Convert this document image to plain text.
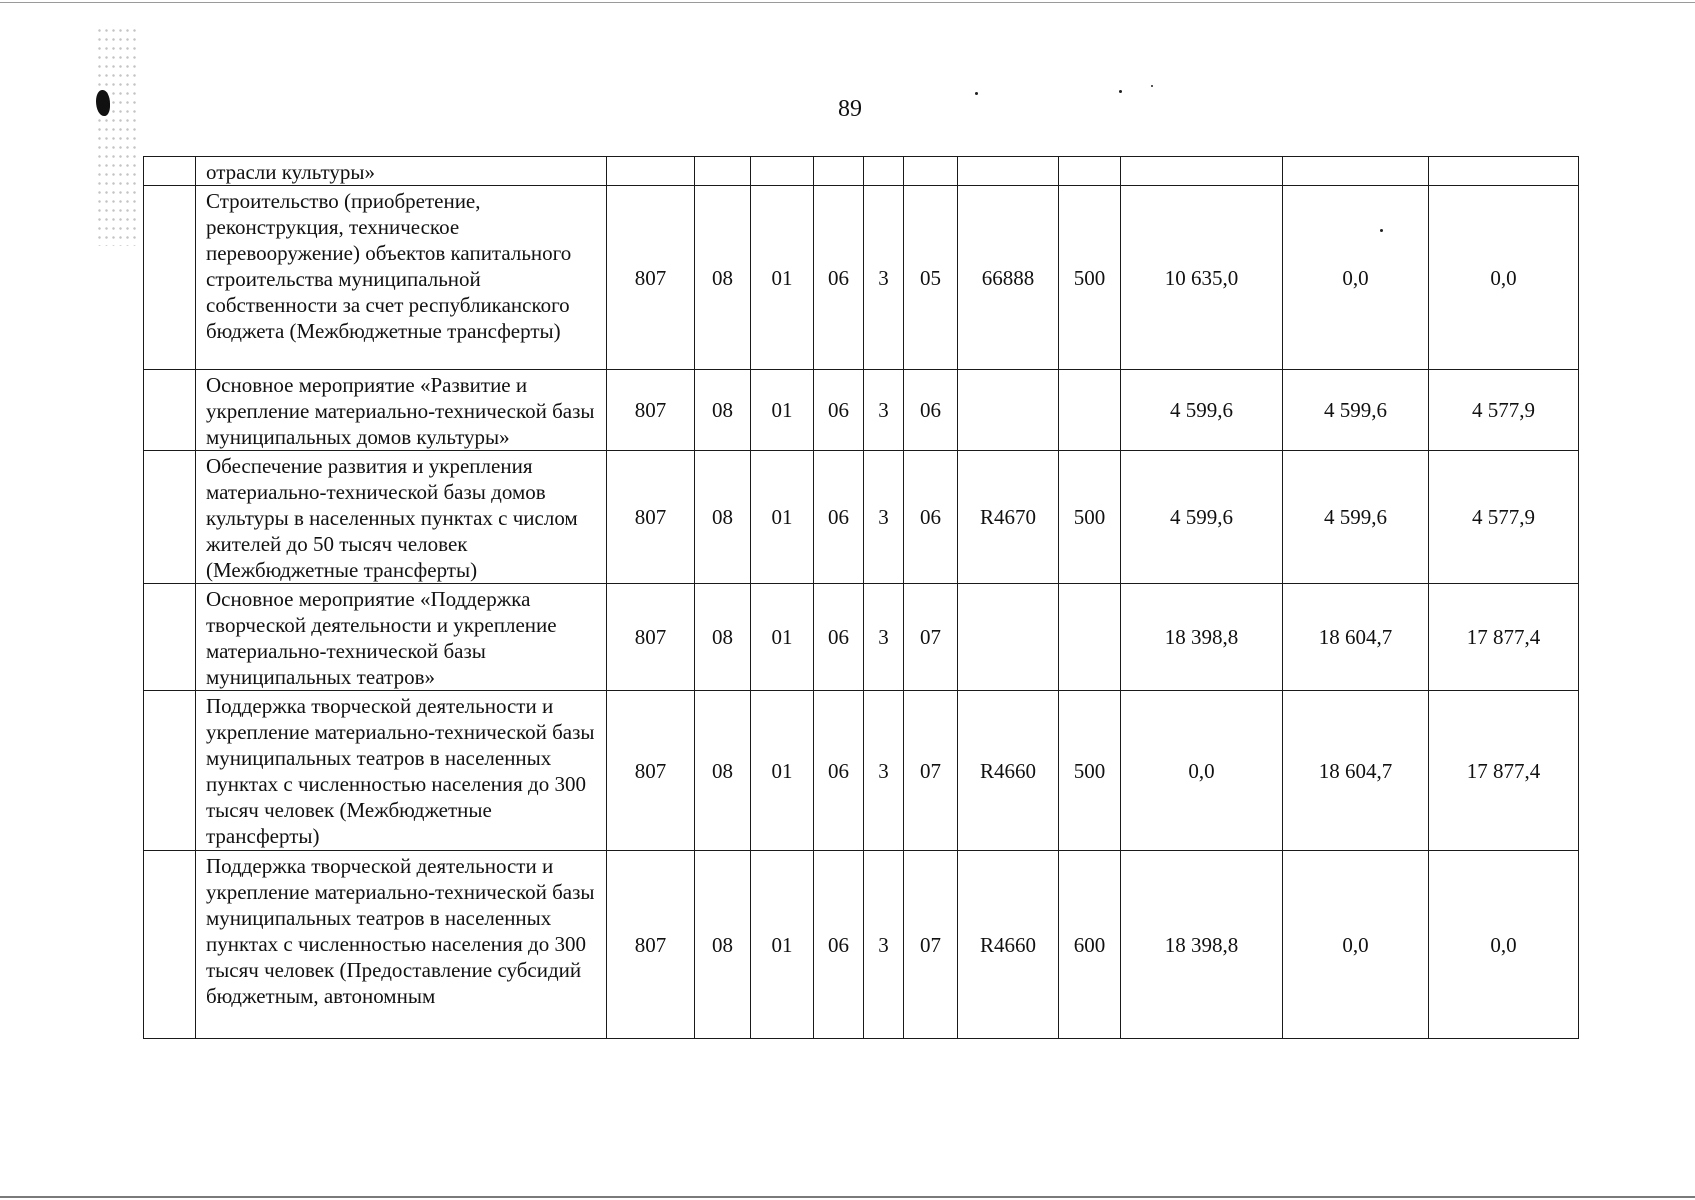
89
	отрасли культуры»											
	Строительство (приобретение, реконструкция, техническое перевооружение) объектов капитального строительства муниципальной собственности за счет республиканского бюджета (Межбюджетные трансферты)	807	08	01	06	3	05	66888	500	10 635,0	0,0	0,0
	Основное мероприятие «Развитие и укрепление материально-технической базы муниципальных домов культуры»	807	08	01	06	3	06			4 599,6	4 599,6	4 577,9
	Обеспечение развития и укрепления материально-технической базы домов культуры в населенных пунктах с числом жителей до 50 тысяч человек (Межбюджетные трансферты)	807	08	01	06	3	06	R4670	500	4 599,6	4 599,6	4 577,9
	Основное мероприятие «Поддержка творческой деятельности и укрепление материально-технической базы муниципальных театров»	807	08	01	06	3	07			18 398,8	18 604,7	17 877,4
	Поддержка творческой деятельности и укрепление материально-технической базы муниципальных театров в населенных пунктах с численностью населения до 300 тысяч человек (Межбюджетные трансферты)	807	08	01	06	3	07	R4660	500	0,0	18 604,7	17 877,4
	Поддержка творческой деятельности и укрепление материально-технической базы муниципальных театров в населенных пунктах с численностью населения до 300 тысяч человек (Предоставление субсидий бюджетным, автономным	807	08	01	06	3	07	R4660	600	18 398,8	0,0	0,0
